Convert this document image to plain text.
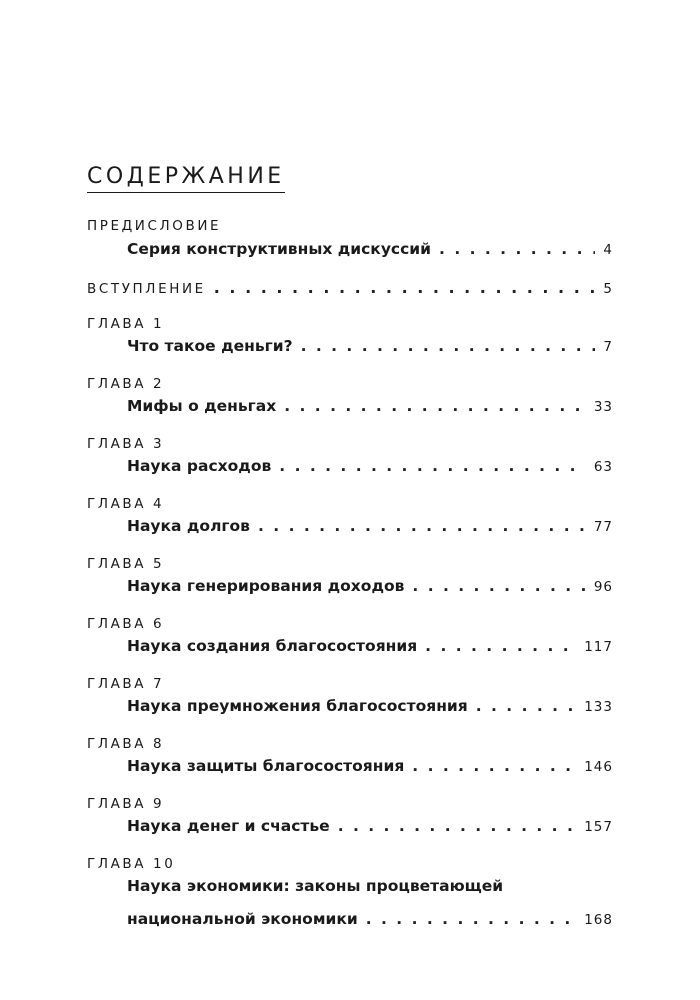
СОДЕРЖАНИЕ
ПРЕДИСЛОВИЕ
Серия конструктивных дискуссий . . .	4
ВСТУПЛЕНИЕ . . .	5
ГЛАВА 1
Что такое деньги? . . .	7
ГЛАВА 2
Мифы о деньгах . . .	33
ГЛАВА 3
Наука расходов . . .	63
ГЛАВА 4
Наука долгов . . .	77
ГЛАВА 5
Наука генерирования доходов . . .	96
ГЛАВА 6
Наука создания благосостояния . . .	117
ГЛАВА 7
Наука преумножения благосостояния . . .	133
ГЛАВА 8
Наука защиты благосостояния . . .	146
ГЛАВА 9
Наука денег и счастье . . .	157
ГЛАВА 10
Наука экономики: законы процветающей
национальной экономики . . .	168
